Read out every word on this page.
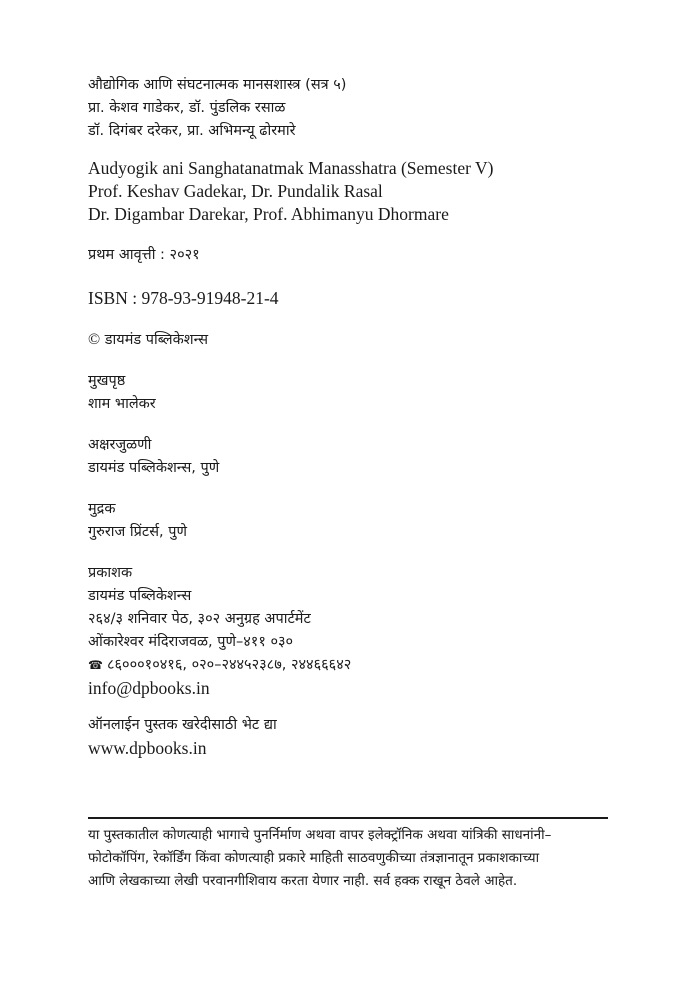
औद्योगिक आणि संघटनात्मक मानसशास्त्र (सत्र ५)
प्रा. केशव गाडेकर, डॉ. पुंडलिक रसाळ
डॉ. दिगंबर दरेकर, प्रा. अभिमन्यू ढोरमारे
Audyogik ani Sanghatanatmak Manasshatra (Semester V)
Prof. Keshav Gadekar, Dr. Pundalik Rasal
Dr. Digambar Darekar, Prof. Abhimanyu Dhormare
प्रथम आवृत्ती : २०२१
ISBN : 978-93-91948-21-4
© डायमंड पब्लिकेशन्स
मुखपृष्ठ
शाम भालेकर
अक्षरजुळणी
डायमंड पब्लिकेशन्स, पुणे
मुद्रक
गुरुराज प्रिंटर्स, पुणे
प्रकाशक
डायमंड पब्लिकेशन्स
२६४/३ शनिवार पेठ, ३०२ अनुग्रह अपार्टमेंट
ओंकारेश्वर मंदिराजवळ, पुणे–४११ ०३०
☎ ८६०००१०४१६, ०२०–२४४५२३८७, २४४६६६४२
info@dpbooks.in
ऑनलाईन पुस्तक खरेदीसाठी भेट द्या
www.dpbooks.in
या पुस्तकातील कोणत्याही भागाचे पुनर्निर्माण अथवा वापर इलेक्ट्रॉनिक अथवा यांत्रिकी साधनांनी–
फोटोकॉपिंग, रेकॉर्डिंग किंवा कोणत्याही प्रकारे माहिती साठवणुकीच्या तंत्रज्ञानातून प्रकाशकाच्या
आणि लेखकाच्या लेखी परवानगीशिवाय करता येणार नाही. सर्व हक्क राखून ठेवले आहेत.
